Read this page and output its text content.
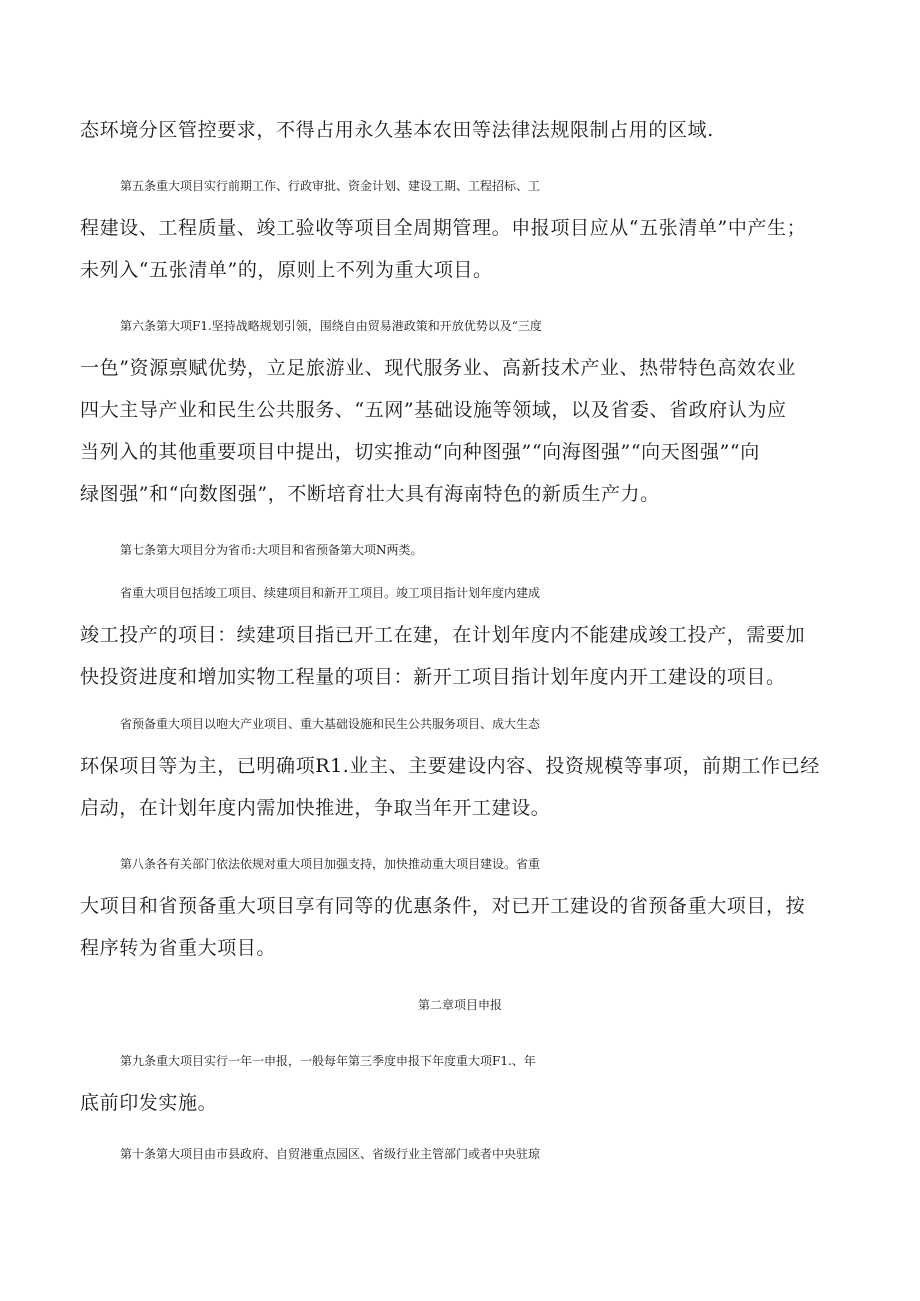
态环境分区管控要求，不得占用永久基本农田等法律法规限制占用的区域.
第五条重大项目实行前期工作、行政审批、资金计划、建设工期、工程招标、工
程建设、工程质量、竣工验收等项目全周期管理。申报项目应从“五张清单”中产生；
未列入“五张清单”的，原则上不列为重大项目。
第六条第大项F1.坚持战略规划引领，围绕自由贸易港政策和开放优势以及“三度
一色”资源禀赋优势，立足旅游业、现代服务业、高新技术产业、热带特色高效农业
四大主导产业和民生公共服务、“五网”基础设施等领域，以及省委、省政府认为应
当列入的其他重要项目中提出，切实推动“向种图强”“向海图强”“向天图强”“向
绿图强”和“向数图强”，不断培育壮大具有海南特色的新质生产力。
第七条第大项目分为省币:大项目和省预备第大项N两类。
省重大项目包括竣工项目、续建项目和新开工项目。竣工项目指计划年度内建成
竣工投产的项目：续建项目指已开工在建，在计划年度内不能建成竣工投产，需要加
快投资进度和增加实物工程量的项目：新开工项目指计划年度内开工建设的项目。
省预备重大项目以咆大产业项目、重大基础设施和民生公共服务项目、成大生态
环保项目等为主，已明确项R1.业主、主要建设内容、投资规模等事项，前期工作已经
启动，在计划年度内需加快推进，争取当年开工建设。
第八条各有关部门依法依规对重大项目加强支持，加快推动重大项目建设。省重
大项目和省预备重大项目享有同等的优惠条件，对已开工建设的省预备重大项目，按
程序转为省重大项目。
第二章项目申报
第九条重大项目实行一年一申报，一般每年第三季度申报下年度重大项F1.、年
底前印发实施。
第十条第大项目由市县政府、自贸港重点园区、省级行业主管部门或者中央驻琼
